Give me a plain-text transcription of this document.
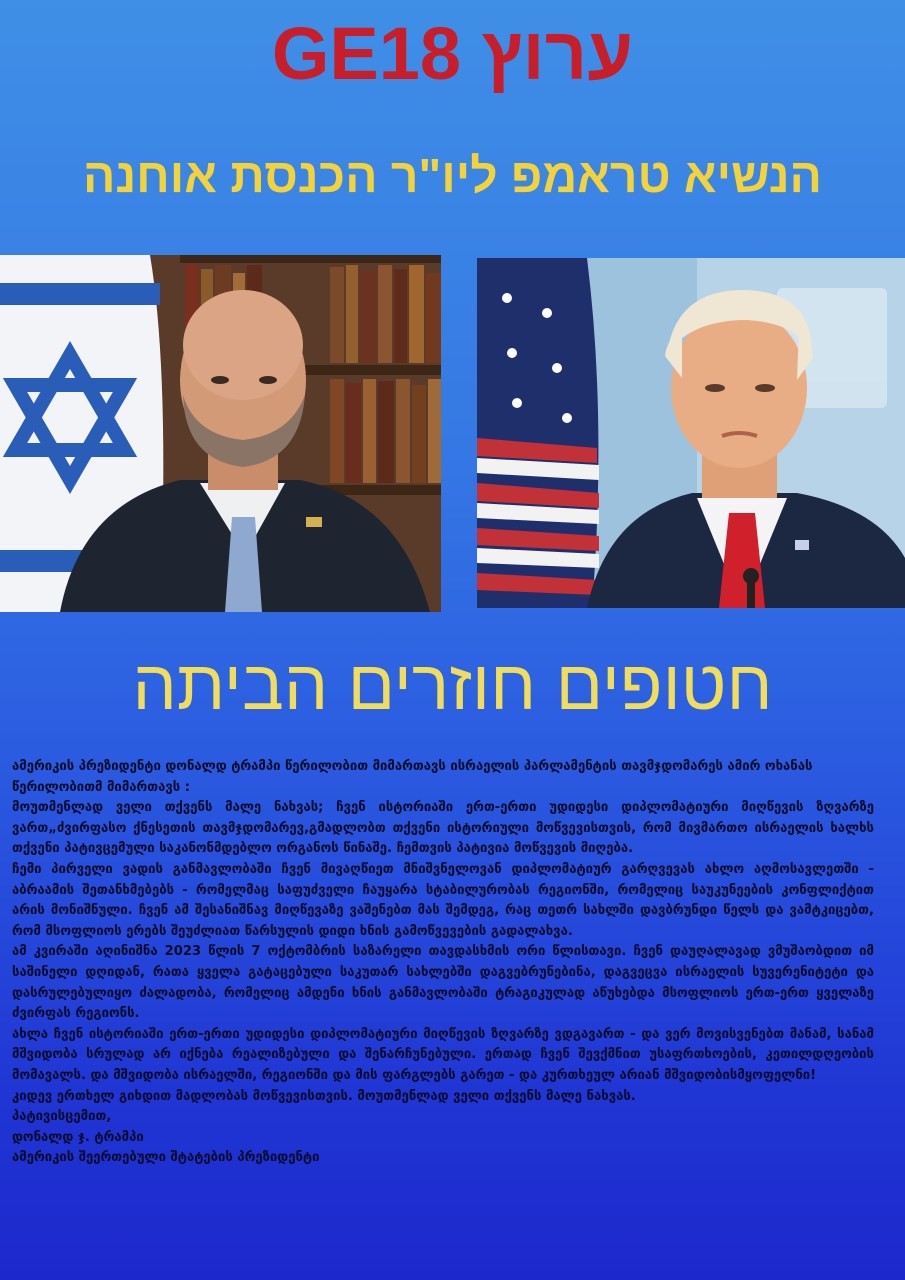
GE18 ערוץ
הנשיא טראמפ ליו"ר הכנסת אוחנה
חטופים חוזרים הביתה

ამერიკის პრეზიდენტი დონალდ ტრამპი წერილობით მიმართავს ისრაელის პარლამენტის თავმჯდომარეს ამირ ოხანას წერილობითმ მიმართავს :

მოუთმენლად ველი თქვენს მალე ნახვას; ჩვენ ისტორიაში ერთ-ერთი უდიდესი დიპლომატიური მიღწევის ზღვარზე ვართ„ძვირფასო ქნესეთის თავმჯდომარევ,გმადლობთ თქვენი ისტორიული მოწვევისთვის, რომ მივმართო ისრაელის ხალხს თქვენი პატივცემული საკანონმდებლო ორგანოს წინაშე. ჩემთვის პატივია მოწვევის მიღება.

ჩემი პირველი ვადის განმავლობაში ჩვენ მივაღწიეთ მნიშვნელოვან დიპლომატიურ გარღვევას ახლო აღმოსავლეთში - აბრაამის შეთანხმებებს - რომელმაც საფუძველი ჩაუყარა სტაბილურობას რეგიონში, რომელიც საუკუნეების კონფლიქტით არის მონიშნული. ჩვენ ამ შესანიშნავ მიღწევაზე ვაშენებთ მას შემდეგ, რაც თეთრ სახლში დავბრუნდი წელს და ვამტკიცებთ, რომ მსოფლიოს ერებს შეუძლიათ წარსულის დიდი ხნის გამოწვევების გადალახვა.

ამ კვირაში აღინიშნა 2023 წლის 7 ოქტომბრის საზარელი თავდასხმის ორი წლისთავი. ჩვენ დაუღალავად ვმუშაობდით იმ საშინელი დღიდან, რათა ყველა გატაცებული საკუთარ სახლებში დაგვებრუნებინა, დაგვეცვა ისრაელის სუვერენიტეტი და დასრულებულიყო ძალადობა, რომელიც ამდენი ხნის განმავლობაში ტრაგიკულად აწუხებდა მსოფლიოს ერთ-ერთ ყველაზე ძვირფას რეგიონს.

ახლა ჩვენ ისტორიაში ერთ-ერთი უდიდესი დიპლომატიური მიღწევის ზღვარზე ვდგავართ - და ვერ მოვისვენებთ მანამ, სანამ მშვიდობა სრულად არ იქნება რეალიზებული და შენარჩუნებული. ერთად ჩვენ შევქმნით უსაფრთხოების, კეთილდღეობის მომავალს. და მშვიდობა ისრაელში, რეგიონში და მის ფარგლებს გარეთ - და კურთხეულ არიან მშვიდობისმყოფელნი!

კიდევ ერთხელ გიხდით მადლობას მოწვევისთვის. მოუთმენლად ველი თქვენს მალე ნახვას.

პატივისცემით,

დონალდ ჯ. ტრამპი

ამერიკის შეერთებული შტატების პრეზიდენტი
